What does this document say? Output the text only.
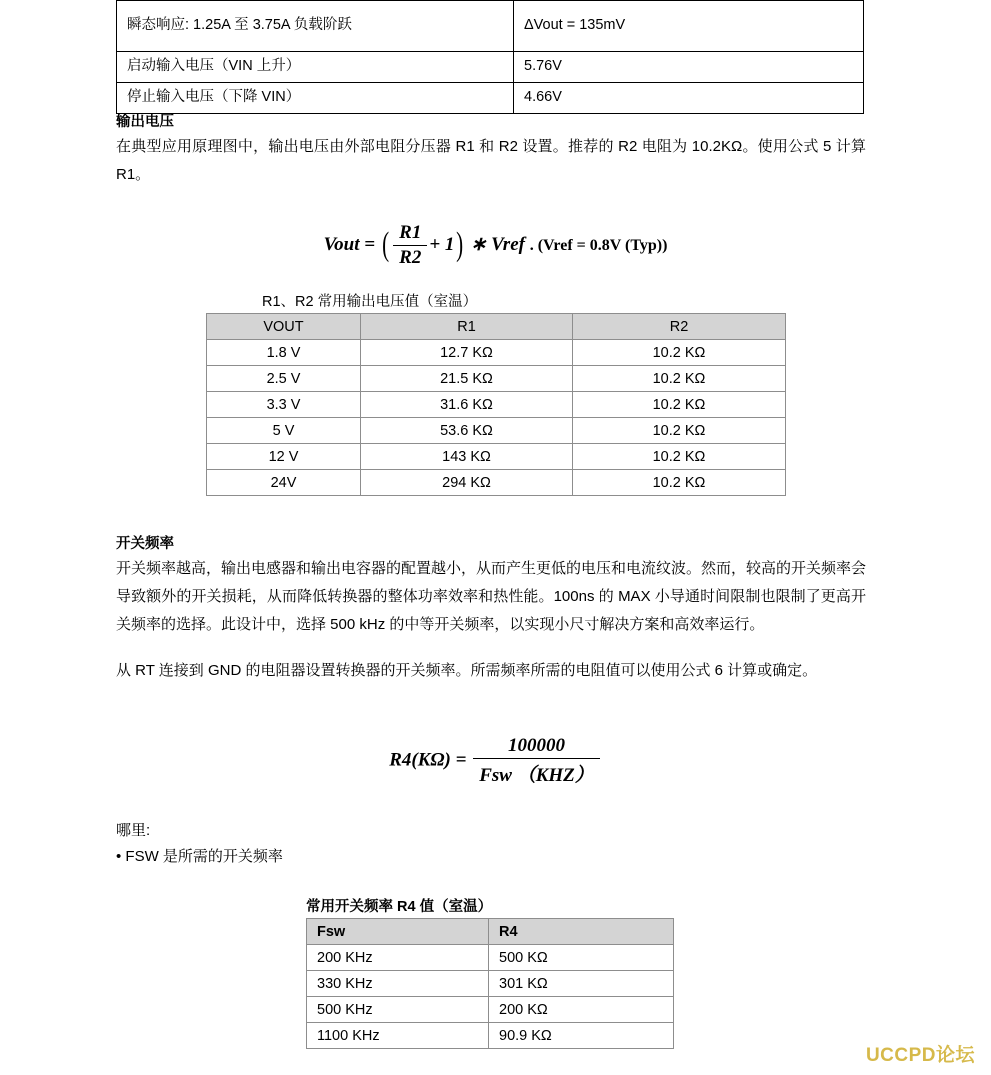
瞬态响应: 1.25A 至 3.75A 负载阶跃	ΔVout = 135mV
启动输入电压（VIN 上升）	5.76V
停止输入电压（下降 VIN）	4.66V
输出电压
在典型应用原理图中，输出电压由外部电阻分压器 R1 和 R2 设置。推荐的 R2 电阻为 10.2KΩ。使用公式 5 计算 R1。
Vout = ( $\frac{R1}{R2} + 1$) ∗ Vref . (Vref = 0.8V (Typ))
R1、R2 常用输出电压值（室温）
VOUT	R1	R2
1.8 V	12.7 KΩ	10.2 KΩ
2.5 V	21.5 KΩ	10.2 KΩ
3.3 V	31.6 KΩ	10.2 KΩ
5 V	53.6 KΩ	10.2 KΩ
12 V	143 KΩ	10.2 KΩ
24V	294 KΩ	10.2 KΩ
开关频率
开关频率越高，输出电感器和输出电容器的配置越小，从而产生更低的电压和电流纹波。然而，较高的开关频率会导致额外的开关损耗，从而降低转换器的整体功率效率和热性能。100ns 的 MAX 小导通时间限制也限制了更高开关频率的选择。此设计中，选择 500 kHz 的中等开关频率，以实现小尺寸解决方案和高效率运行。
从 RT 连接到 GND 的电阻器设置转换器的开关频率。所需频率所需的电阻值可以使用公式 6 计算或确定。
$R4(K\Omega) = \frac{100000}{\text{Fsw （KHZ）}}$
哪里:
• FSW 是所需的开关频率
常用开关频率 R4 值（室温）
Fsw	R4
200 KHz	500 KΩ
330 KHz	301 KΩ
500 KHz	200 KΩ
1100 KHz	90.9 KΩ
UCCPD论坛
